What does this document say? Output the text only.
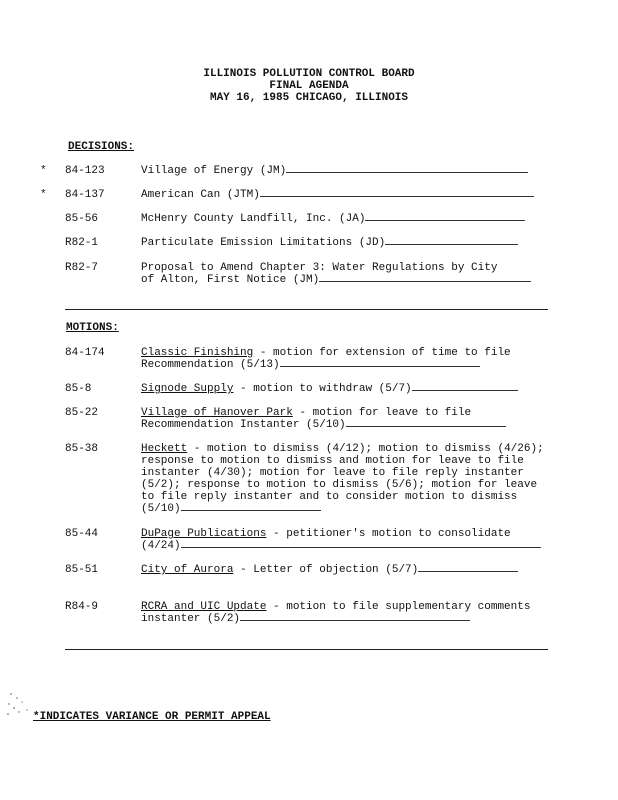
ILLINOIS POLLUTION CONTROL BOARD
FINAL AGENDA
MAY 16, 1985 CHICAGO, ILLINOIS
DECISIONS:
* 84-123	Village of Energy (JM)
* 84-137	American Can (JTM)
85-56	McHenry County Landfill, Inc. (JA)
R82-1	Particulate Emission Limitations (JD)
R82-7	Proposal to Amend Chapter 3: Water Regulations by City
of Alton, First Notice (JM)
MOTIONS:
84-174	Classic Finishing - motion for extension of time to file Recommendation (5/13)
85-8	Signode Supply - motion to withdraw (5/7)
85-22	Village of Hanover Park - motion for leave to file Recommendation Instanter (5/10)
85-38	Heckett - motion to dismiss (4/12); motion to dismiss (4/26); response to motion to dismiss and motion for leave to file instanter (4/30); motion for leave to file reply instanter (5/2); response to motion to dismiss (5/6); motion for leave to file reply instanter and to consider motion to dismiss (5/10)
85-44	DuPage Publications - petitioner's motion to consolidate (4/24)
85-51	City of Aurora - Letter of objection (5/7)
R84-9	RCRA and UIC Update - motion to file supplementary comments instanter (5/2)
*INDICATES VARIANCE OR PERMIT APPEAL
